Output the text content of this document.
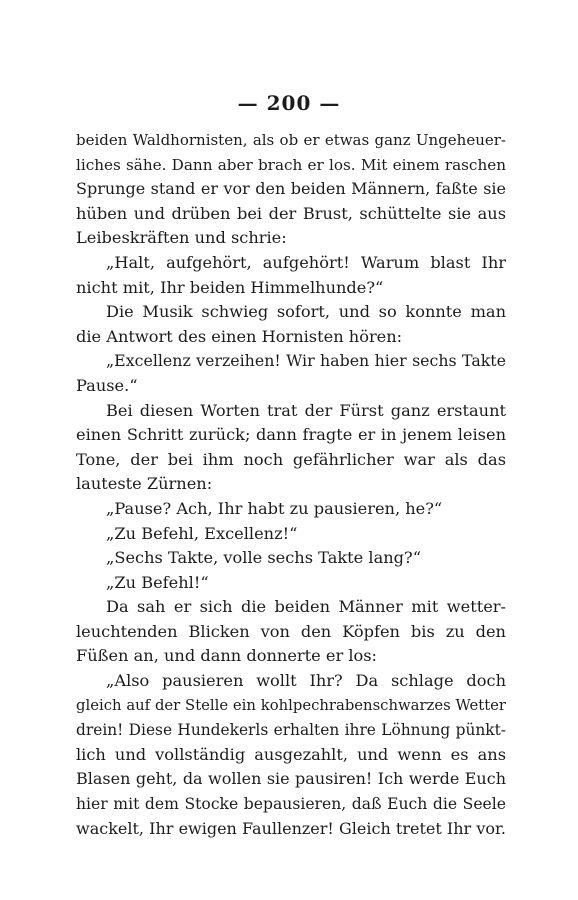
— 200 —
beiden Waldhornisten, als ob er etwas ganz Ungeheuer-
liches sähe. Dann aber brach er los. Mit einem raschen
Sprunge stand er vor den beiden Männern, faßte sie
hüben und drüben bei der Brust, schüttelte sie aus
Leibeskräften und schrie:
„Halt, aufgehört, aufgehört! Warum blast Ihr
nicht mit, Ihr beiden Himmelhunde?“
Die Musik schwieg sofort, und so konnte man
die Antwort des einen Hornisten hören:
„Excellenz verzeihen! Wir haben hier sechs Takte
Pause.“
Bei diesen Worten trat der Fürst ganz erstaunt
einen Schritt zurück; dann fragte er in jenem leisen
Tone, der bei ihm noch gefährlicher war als das
lauteste Zürnen:
„Pause? Ach, Ihr habt zu pausieren, he?“
„Zu Befehl, Excellenz!“
„Sechs Takte, volle sechs Takte lang?“
„Zu Befehl!“
Da sah er sich die beiden Männer mit wetter-
leuchtenden Blicken von den Köpfen bis zu den
Füßen an, und dann donnerte er los:
„Also pausieren wollt Ihr? Da schlage doch
gleich auf der Stelle ein kohlpechrabenschwarzes Wetter
drein! Diese Hundekerls erhalten ihre Löhnung pünkt-
lich und vollständig ausgezahlt, und wenn es ans
Blasen geht, da wollen sie pausiren! Ich werde Euch
hier mit dem Stocke bepausieren, daß Euch die Seele
wackelt, Ihr ewigen Faullenzer! Gleich tretet Ihr vor.
